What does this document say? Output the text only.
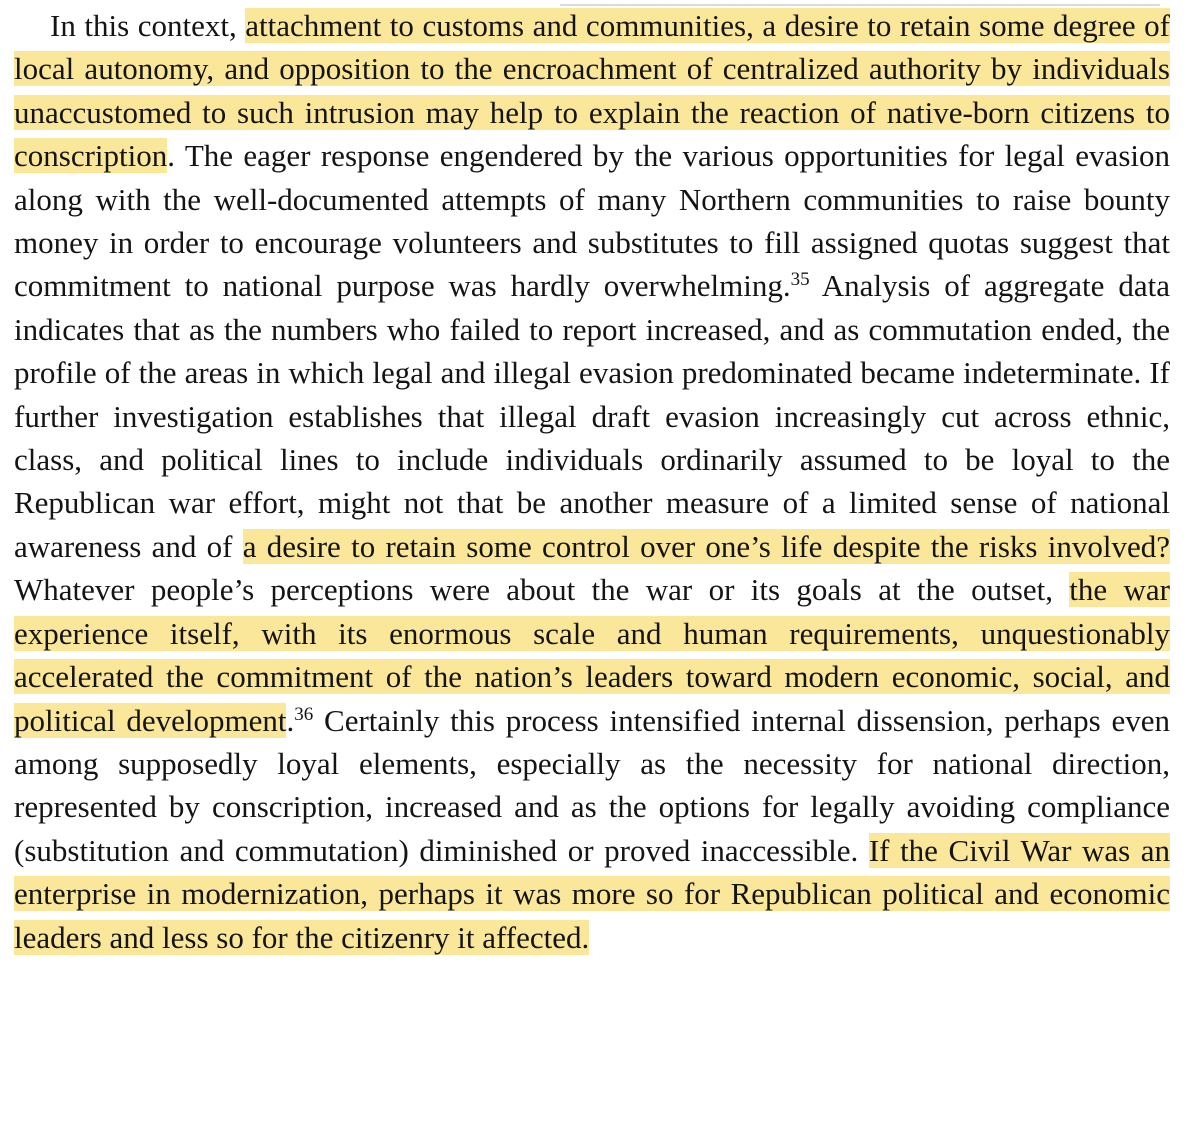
In this context, attachment to customs and communities, a desire to retain some degree of local autonomy, and opposition to the encroachment of centralized authority by individuals unaccustomed to such intrusion may help to explain the reaction of native-born citizens to conscription. The eager response engendered by the various opportunities for legal evasion along with the well-documented attempts of many Northern communities to raise bounty money in order to encourage volunteers and substitutes to fill assigned quotas suggest that commitment to national purpose was hardly overwhelming.$^{35}$ Analysis of aggregate data indicates that as the numbers who failed to report increased, and as commutation ended, the profile of the areas in which legal and illegal evasion predominated became indeterminate. If further investigation establishes that illegal draft evasion increasingly cut across ethnic, class, and political lines to include individuals ordinarily assumed to be loyal to the Republican war effort, might not that be another measure of a limited sense of national awareness and of a desire to retain some control over one’s life despite the risks involved? Whatever people’s perceptions were about the war or its goals at the outset, the war experience itself, with its enormous scale and human requirements, unquestionably accelerated the commitment of the nation’s leaders toward modern economic, social, and political development.$^{36}$ Certainly this process intensified internal dissension, perhaps even among supposedly loyal elements, especially as the necessity for national direction, represented by conscription, increased and as the options for legally avoiding compliance (substitution and commutation) diminished or proved inaccessible. If the Civil War was an enterprise in modernization, perhaps it was more so for Republican political and economic leaders and less so for the citizenry it affected.
